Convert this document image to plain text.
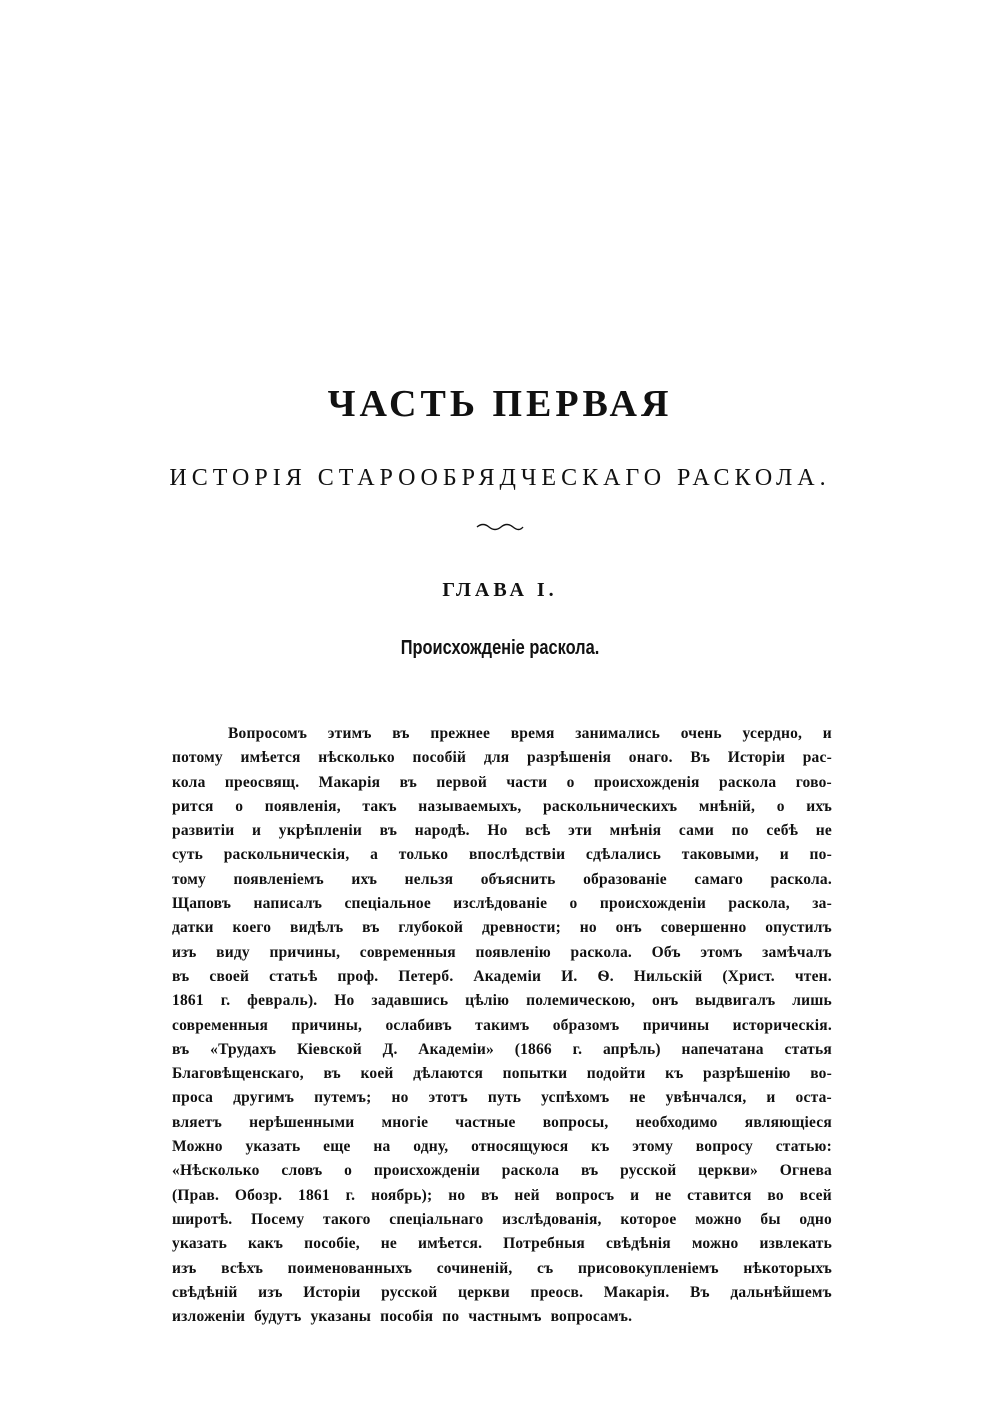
ЧАСТЬ ПЕРВАЯ
ИСТОРІЯ СТАРООБРЯДЧЕСКАГО РАСКОЛА.
ГЛАВА I.
Происхожденіе раскола.
Вопросомъ этимъ въ прежнее время занимались очень усердно, и
потому имѣется нѣсколько пособій для разрѣшенія онаго. Въ Исторіи рас-
кола преосвящ. Макарія въ первой части о происхожденія раскола гово-
рится о появленія, такъ называемыхъ, раскольническихъ мнѣній, о ихъ
развитіи и укрѣпленіи въ народѣ. Но всѣ эти мнѣнія сами по себѣ не
суть раскольническія, а только впослѣдствіи сдѣлались таковыми, и по-
тому появленіемъ ихъ нельзя объяснить образованіе самаго раскола.
Щаповъ написалъ спеціальное изслѣдованіе о происхожденіи раскола, за-
датки коего видѣлъ въ глубокой древности; но онъ совершенно опустилъ
изъ виду причины, современныя появленію раскола. Объ этомъ замѣчалъ
въ своей статьѣ проф. Петерб. Академіи И. Ѳ. Нильскій (Христ. чтен.
1861 г. февраль). Но задавшись цѣлію полемическою, онъ выдвигалъ лишь
современныя причины, ослабивъ такимъ образомъ причины историческія.
въ «Трудахъ Кіевской Д. Академіи» (1866 г. апрѣль) напечатана статья
Благовѣщенскаго, въ коей дѣлаются попытки подойти къ разрѣшенію во-
проса другимъ путемъ; но этотъ путь успѣхомъ не увѣнчался, и оста-
вляетъ нерѣшенными многіе частные вопросы, необходимо являющіеся
Можно указать еще на одну, относящуюся къ этому вопросу статью:
«Нѣсколько словъ о происхожденіи раскола въ русской церкви» Огнева
(Прав. Обозр. 1861 г. ноябрь); но въ ней вопросъ и не ставится во всей
широтѣ. Посему такого спеціальнаго изслѣдованія, которое можно бы одно
указать какъ пособіе, не имѣется. Потребныя свѣдѣнія можно извлекать
изъ всѣхъ поименованныхъ сочиненій, съ присовокупленіемъ нѣкоторыхъ
свѣдѣній изъ Исторіи русской церкви преосв. Макарія. Въ дальнѣйшемъ
изложеніи будутъ указаны пособія по частнымъ вопросамъ.
